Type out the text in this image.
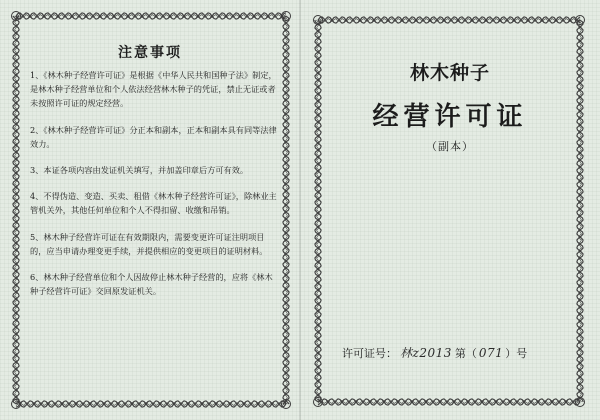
注意事项
1、《林木种子经营许可证》是根据《中华人民共和国种子法》制定，是林木种子经营单位和个人依法经营林木种子的凭证，禁止无证或者未按照许可证的规定经营。
2、《林木种子经营许可证》分正本和副本，正本和副本具有同等法律效力。
3、本证各项内容由发证机关填写，并加盖印章后方可有效。
4、不得伪造、变造、买卖、租借《林木种子经营许可证》，除林业主管机关外，其他任何单位和个人不得扣留、收缴和吊销。
5、林木种子经营许可证在有效期限内，需要变更许可证注明项目的，应当申请办理变更手续，并提供相应的变更项目的证明材料。
6、林木种子经营单位和个人因故停止林木种子经营的，应将《林木种子经营许可证》交回原发证机关。
林木种子
经营许可证
（副本）
许可证号： 林z2013 第（ 071 ）号
